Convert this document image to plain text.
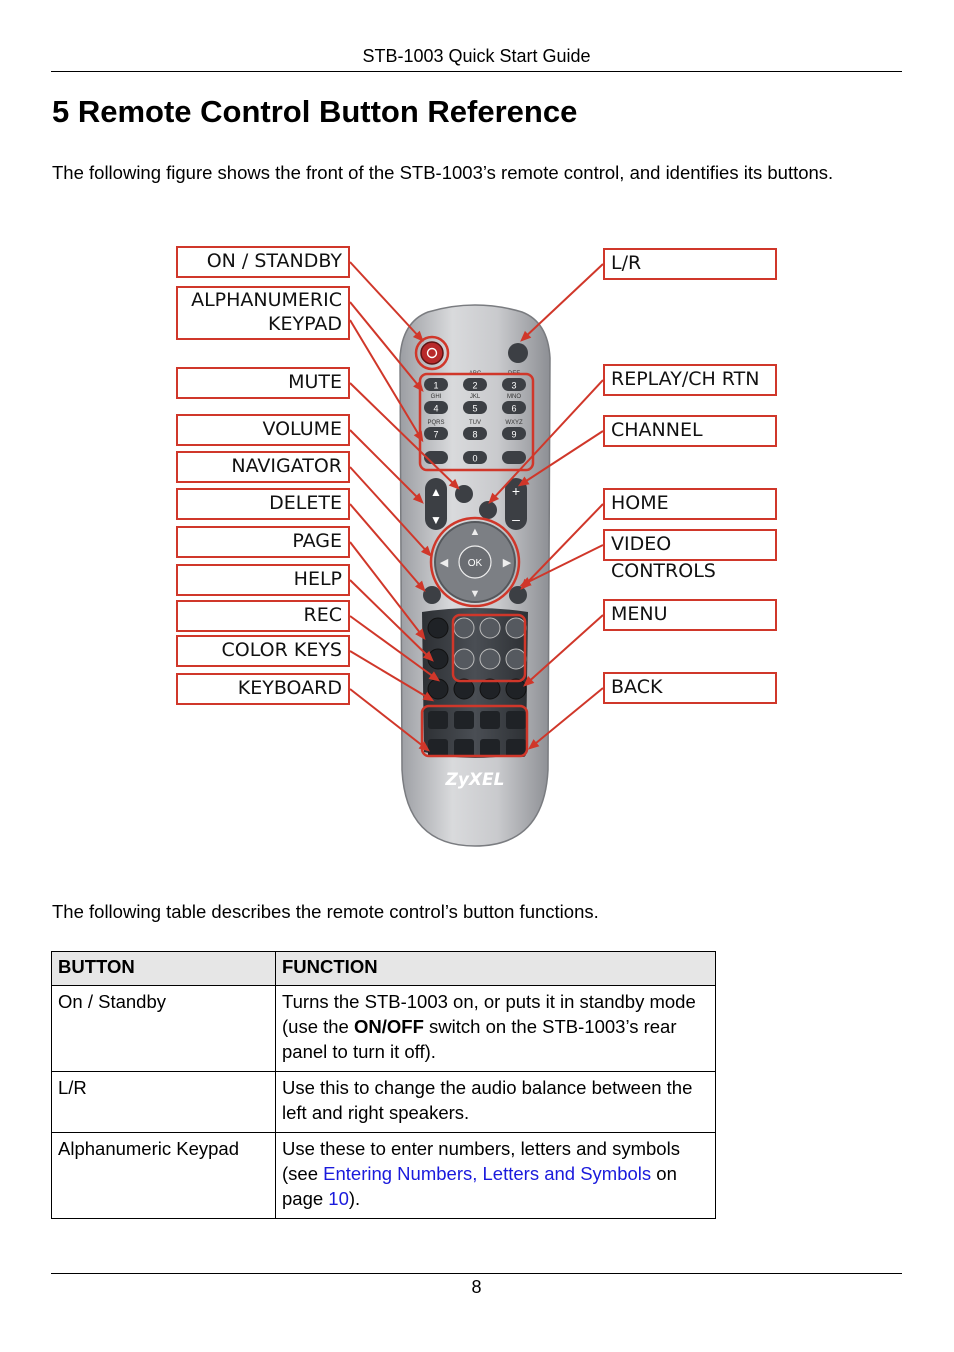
STB-1003 Quick Start Guide
5 Remote Control Button Reference

The following figure shows the front of the STB-1003’s remote control, and identifies its buttons.

ABC	DEF
GHI	JKL	MNO
PQRS	TUV	WXYZ
1	2	3
4	5	6
7	8	9
0
▲
▼
+
–
OK
▲
▼
◀	▶
ZyXEL
ON / STANDBY
ALPHANUMERIC
KEYPAD
MUTE
VOLUME
NAVIGATOR
DELETE
PAGE
HELP
REC
COLOR KEYS
KEYBOARD
L/R
REPLAY/CH RTN
CHANNEL
HOME
VIDEO CONTROLS
MENU
BACK

The following table describes the remote control’s button functions.

BUTTON	FUNCTION
On / Standby	Turns the STB-1003 on, or puts it in standby mode (use the ON/OFF switch on the STB-1003’s rear panel to turn it off).
L/R	Use this to change the audio balance between the left and right speakers.
Alphanumeric Keypad	Use these to enter numbers, letters and symbols (see Entering Numbers, Letters and Symbols on page 10).
8
